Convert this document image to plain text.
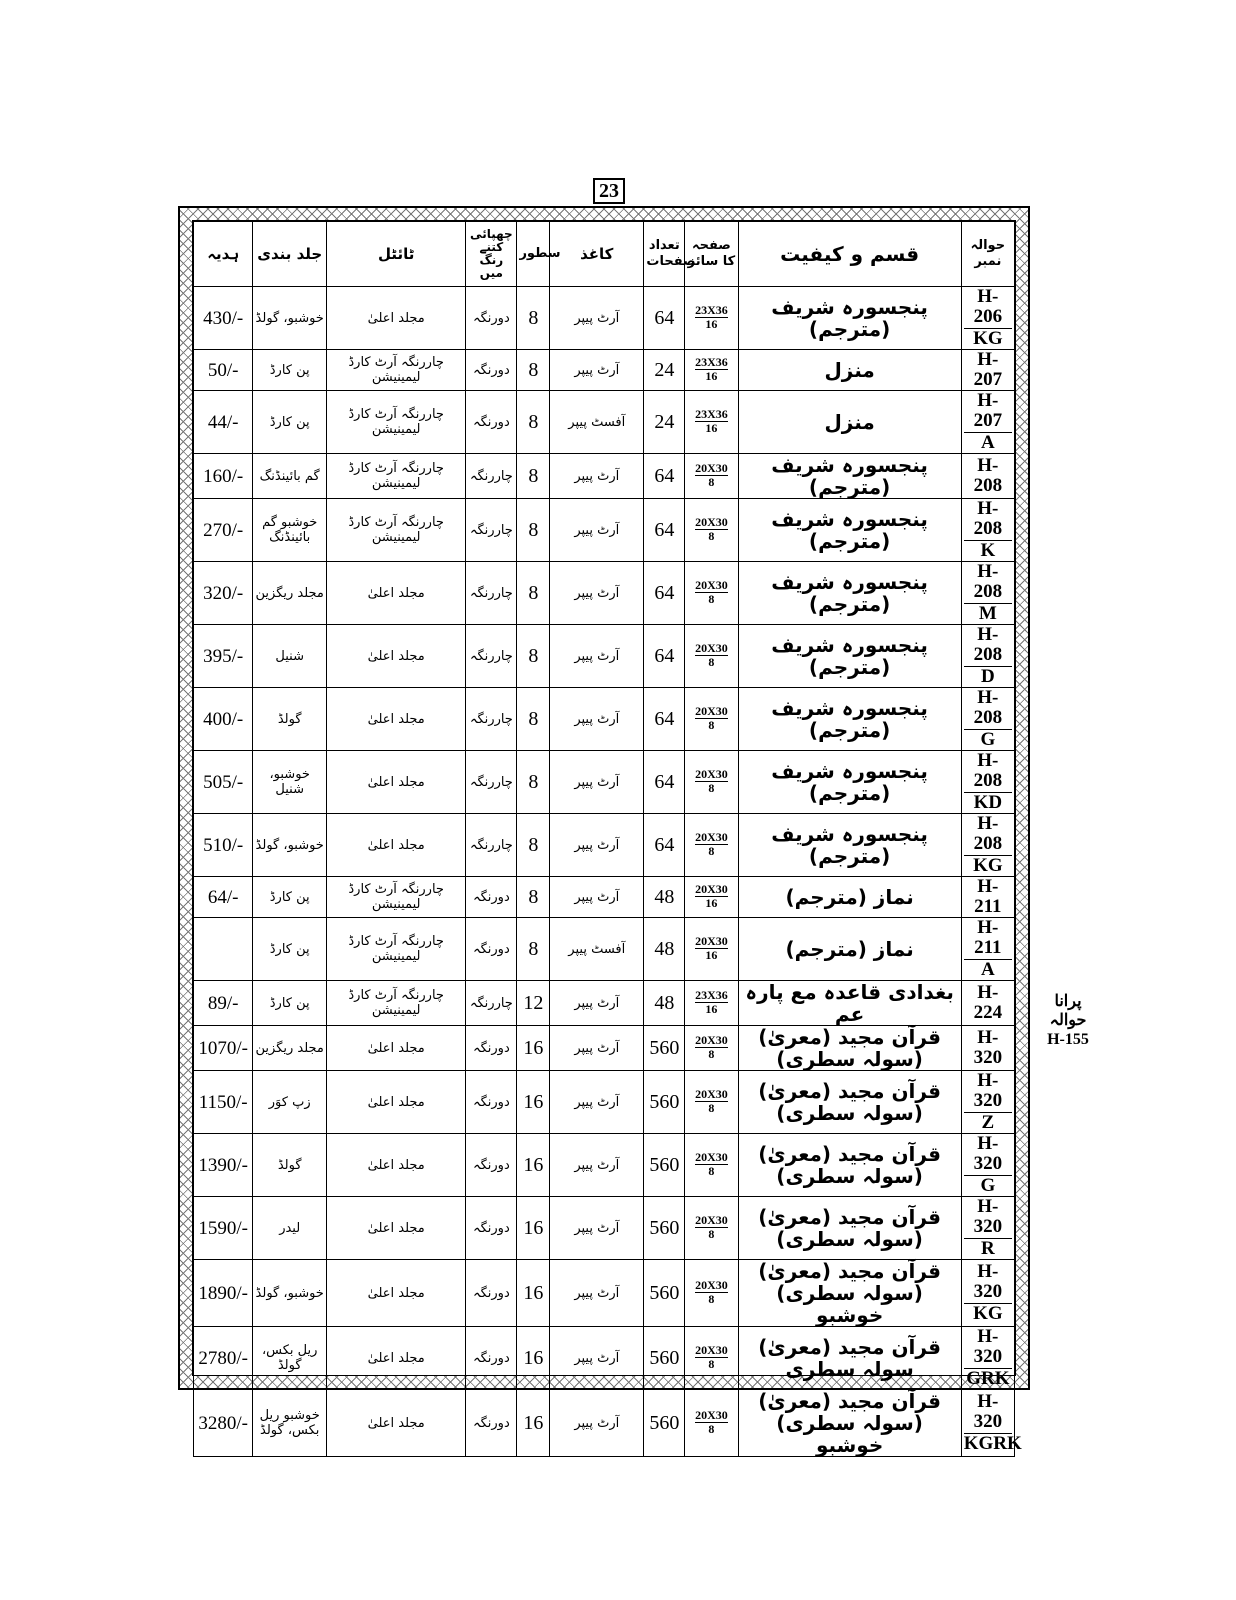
23
ہدیہ	جلد بندی	ٹائٹل	چھپائی کتنے رنگ میں	سطور	کاغذ	تعداد صفحات	صفحہ کا سائز	قسم و کیفیت	حوالہ نمبر
430/-	خوشبو، گولڈ	مجلد اعلیٰ	دورنگہ	8	آرٹ پیپر	64	$\frac{23X36}{16}$	پنجسورہ شریف (مترجم)	H-206
KG

50/-	پن کارڈ	چاررنگہ آرٹ کارڈ لیمینیشن	دورنگہ	8	آرٹ پیپر	24	$\frac{23X36}{16}$	منزل	H-207
44/-	پن کارڈ	چاررنگہ آرٹ کارڈ لیمینیشن	دورنگہ	8	آفسٹ پیپر	24	$\frac{23X36}{16}$	منزل	H-207
A

160/-	گم بائینڈنگ	چاررنگہ آرٹ کارڈ لیمینیشن	چاررنگہ	8	آرٹ پیپر	64	$\frac{20X30}{8}$	پنجسورہ شریف (مترجم)	H-208
270/-	خوشبو گم بائینڈنگ	چاررنگہ آرٹ کارڈ لیمینیشن	چاررنگہ	8	آرٹ پیپر	64	$\frac{20X30}{8}$	پنجسورہ شریف (مترجم)	H-208
K

320/-	مجلد ریگزین	مجلد اعلیٰ	چاررنگہ	8	آرٹ پیپر	64	$\frac{20X30}{8}$	پنجسورہ شریف (مترجم)	H-208
M

395/-	شنیل	مجلد اعلیٰ	چاررنگہ	8	آرٹ پیپر	64	$\frac{20X30}{8}$	پنجسورہ شریف (مترجم)	H-208
D

400/-	گولڈ	مجلد اعلیٰ	چاررنگہ	8	آرٹ پیپر	64	$\frac{20X30}{8}$	پنجسورہ شریف (مترجم)	H-208
G

505/-	خوشبو، شنیل	مجلد اعلیٰ	چاررنگہ	8	آرٹ پیپر	64	$\frac{20X30}{8}$	پنجسورہ شریف (مترجم)	H-208
KD

510/-	خوشبو، گولڈ	مجلد اعلیٰ	چاررنگہ	8	آرٹ پیپر	64	$\frac{20X30}{8}$	پنجسورہ شریف (مترجم)	H-208
KG

64/-	پن کارڈ	چاررنگہ آرٹ کارڈ لیمینیشن	دورنگہ	8	آرٹ پیپر	48	$\frac{20X30}{16}$	نماز (مترجم)	H-211
	پن کارڈ	چاررنگہ آرٹ کارڈ لیمینیشن	دورنگہ	8	آفسٹ پیپر	48	$\frac{20X30}{16}$	نماز (مترجم)	H-211
A

89/-	پن کارڈ	چاررنگہ آرٹ کارڈ لیمینیشن	چاررنگہ	12	آرٹ پیپر	48	$\frac{23X36}{16}$	بغدادی قاعدہ مع پارہ عم	H-224
1070/-	مجلد ریگزین	مجلد اعلیٰ	دورنگہ	16	آرٹ پیپر	560	$\frac{20X30}{8}$	قرآن مجید (معریٰ) (سولہ سطری)	H-320
1150/-	زپ کوَر	مجلد اعلیٰ	دورنگہ	16	آرٹ پیپر	560	$\frac{20X30}{8}$	قرآن مجید (معریٰ) (سولہ سطری)	H-320
Z

1390/-	گولڈ	مجلد اعلیٰ	دورنگہ	16	آرٹ پیپر	560	$\frac{20X30}{8}$	قرآن مجید (معریٰ) (سولہ سطری)	H-320
G

1590/-	لیدر	مجلد اعلیٰ	دورنگہ	16	آرٹ پیپر	560	$\frac{20X30}{8}$	قرآن مجید (معریٰ) (سولہ سطری)	H-320
R

1890/-	خوشبو، گولڈ	مجلد اعلیٰ	دورنگہ	16	آرٹ پیپر	560	$\frac{20X30}{8}$	قرآن مجید (معریٰ) (سولہ سطری) خوشبو	H-320
KG

2780/-	ریل بکس، گولڈ	مجلد اعلیٰ	دورنگہ	16	آرٹ پیپر	560	$\frac{20X30}{8}$	قرآن مجید (معریٰ) سولہ سطری	H-320
GRK

3280/-	خوشبو ریل بکس، گولڈ	مجلد اعلیٰ	دورنگہ	16	آرٹ پیپر	560	$\frac{20X30}{8}$	قرآن مجید (معریٰ) (سولہ سطری) خوشبو	H-320
KGRK
پرانا حوالہ
H-155
